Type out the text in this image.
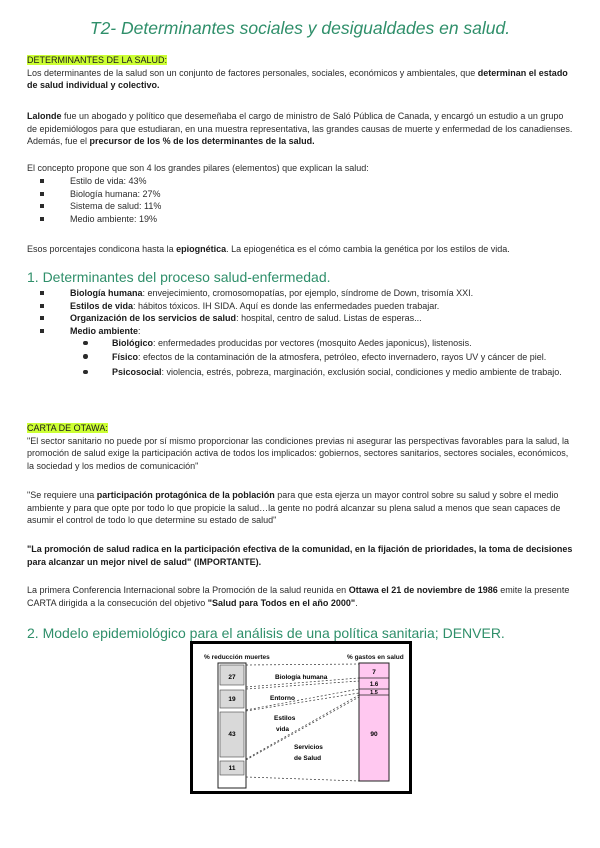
T2- Determinantes sociales y desigualdades en salud.
DETERMINANTES DE LA SALUD:

Los determinantes de la salud son un conjunto de factores personales, sociales, económicos y ambientales, que determinan el estado de salud individual y colectivo.

Lalonde fue un abogado y político que desemeñaba el cargo de ministro de Saló Pública de Canada, y encargó un estudio a un grupo de epidemiólogos para que estudiaran, en una muestra representativa, las grandes causas de muerte y enfermedad de los canadienses. Además, fue el precursor de los % de los determinantes de la salud.

El concepto propone que son 4 los grandes pilares (elementos) que explican la salud:

Estilo de vida: 43%
Biología humana: 27%
Sistema de salud: 11%
Medio ambiente: 19%

Esos porcentajes condicona hasta la epiognética. La epiogenética es el cómo cambia la genética por los estilos de vida.

1. Determinantes del proceso salud-enfermedad.
Biología humana: envejecimiento, cromosomopatías, por ejemplo, síndrome de Down, trisomía XXI.
Estilos de vida: hábitos tóxicos. IH SIDA. Aquí es donde las enfermedades pueden trabajar.
Organización de los servicios de salud: hospital, centro de salud. Listas de esperas...
Medio ambiente:
Biológico: enfermedades producidas por vectores (mosquito Aedes japonicus), listenosis.
Físico: efectos de la contaminación de la atmosfera, petróleo, efecto invernadero, rayos UV y cáncer de piel.
Psicosocial: violencia, estrés, pobreza, marginación, exclusión social, condiciones y medio ambiente de trabajo.
CARTA DE OTAWA:

"El sector sanitario no puede por sí mismo proporcionar las condiciones previas ni asegurar las perspectivas favorables para la salud, la promoción de salud exige la participación activa de todos los implicados: gobiernos, sectores sanitarios, sectores sociales, económicos, la sociedad y los medios de comunicación"

"Se requiere una participación protagónica de la población para que esta ejerza un mayor control sobre su salud y sobre el medio ambiente y para que opte por todo lo que propicie la salud…la gente no podrá alcanzar su plena salud a menos que sean capaces de asumir el control de todo lo que determine su estado de salud"

"La promoción de salud radica en la participación efectiva de la comunidad, en la fijación de prioridades, la toma de decisiones para alcanzar un mejor nivel de salud" (IMPORTANTE).

La primera Conferencia Internacional sobre la Promoción de la salud reunida en Ottawa el 21 de noviembre de 1986 emite la presente CARTA dirigida a la consecución del objetivo "Salud para Todos en el año 2000".

2. Modelo epidemiológico para el análisis de una política sanitaria; DENVER.
% reducción muertes	% gastos en salud
27
19
43
11
7
1.6
1.5
90
Biología humana
Entorno
Estilos
vida
Servicios
de Salud
